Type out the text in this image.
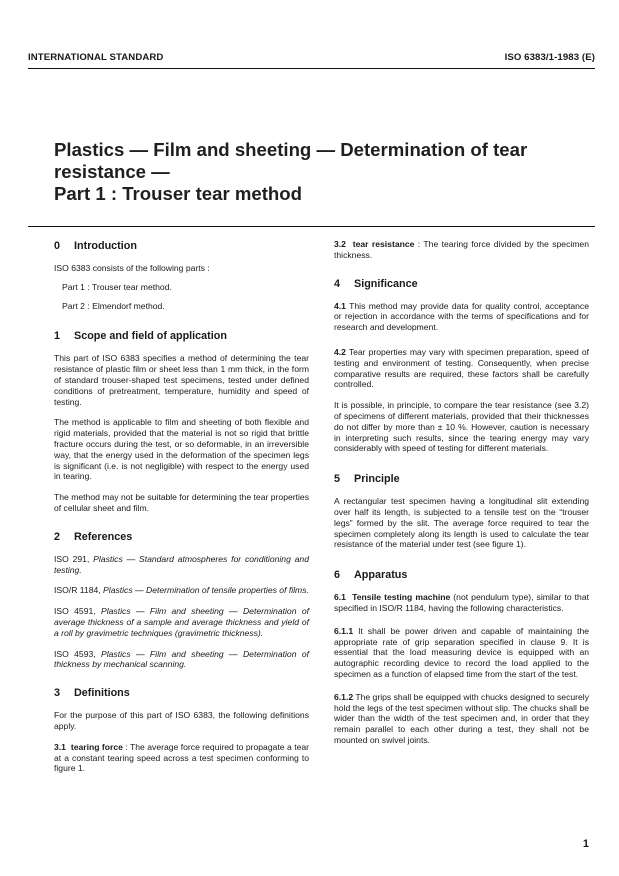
INTERNATIONAL STANDARD	ISO 6383/1-1983 (E)
Plastics — Film and sheeting — Determination of tear
resistance —
Part 1 : Trouser tear method
0 Introduction

ISO 6383 consists of the following parts :

Part 1 : Trouser tear method.

Part 2 : Elmendorf method.

1 Scope and field of application

This part of ISO 6383 specifies a method of determining the tear resistance of plastic film or sheet less than 1 mm thick, in the form of standard trouser-shaped test specimens, tested under defined conditions of pretreatment, temperature, humidity and speed of testing.

The method is applicable to film and sheeting of both flexible and rigid materials, provided that the material is not so rigid that brittle fracture occurs during the test, or so deformable, in an irreversible way, that the energy used in the deformation of the specimen legs is significant (i.e. is not negligible) with respect to the energy used in tearing.

The method may not be suitable for determining the tear properties of cellular sheet and film.

2 References

ISO 291, Plastics — Standard atmospheres for conditioning and testing.

ISO/R 1184, Plastics — Determination of tensile properties of films.

ISO 4591, Plastics — Film and sheeting — Determination of average thickness of a sample and average thickness and yield of a roll by gravimetric techniques (gravimetric thickness).

ISO 4593, Plastics — Film and sheeting — Determination of thickness by mechanical scanning.

3 Definitions

For the purpose of this part of ISO 6383, the following definitions apply.

3.1 tearing force : The average force required to propagate a tear at a constant tearing speed across a test specimen conforming to figure 1.

3.2 tear resistance : The tearing force divided by the specimen thickness.

4 Significance

4.1 This method may provide data for quality control, acceptance or rejection in accordance with the terms of specifications and for research and development.

4.2 Tear properties may vary with specimen preparation, speed of testing and environment of testing. Consequently, when precise comparative results are required, these factors shall be carefully controlled.

It is possible, in principle, to compare the tear resistance (see 3.2) of specimens of different materials, provided that their thicknesses do not differ by more than ± 10 %. However, caution is necessary in interpreting such results, since the tearing energy may vary considerably with speed of testing for different materials.

5 Principle

A rectangular test specimen having a longitudinal slit extending over half its length, is subjected to a tensile test on the “trouser legs” formed by the slit. The average force required to tear the specimen completely along its length is used to calculate the tear resistance of the material under test (see figure 1).

6 Apparatus

6.1 Tensile testing machine (not pendulum type), similar to that specified in ISO/R 1184, having the following characteristics.

6.1.1 It shall be power driven and capable of maintaining the appropriate rate of grip separation specified in clause 9. It is essential that the load measuring device is equipped with an autographic recording device to record the load applied to the specimen as a function of elapsed time from the start of the test.

6.1.2 The grips shall be equipped with chucks designed to securely hold the legs of the test specimen without slip. The chucks shall be wider than the width of the test specimen and, in order that they remain parallel to each other during a test, they shall not be mounted on swivel joints.

1
